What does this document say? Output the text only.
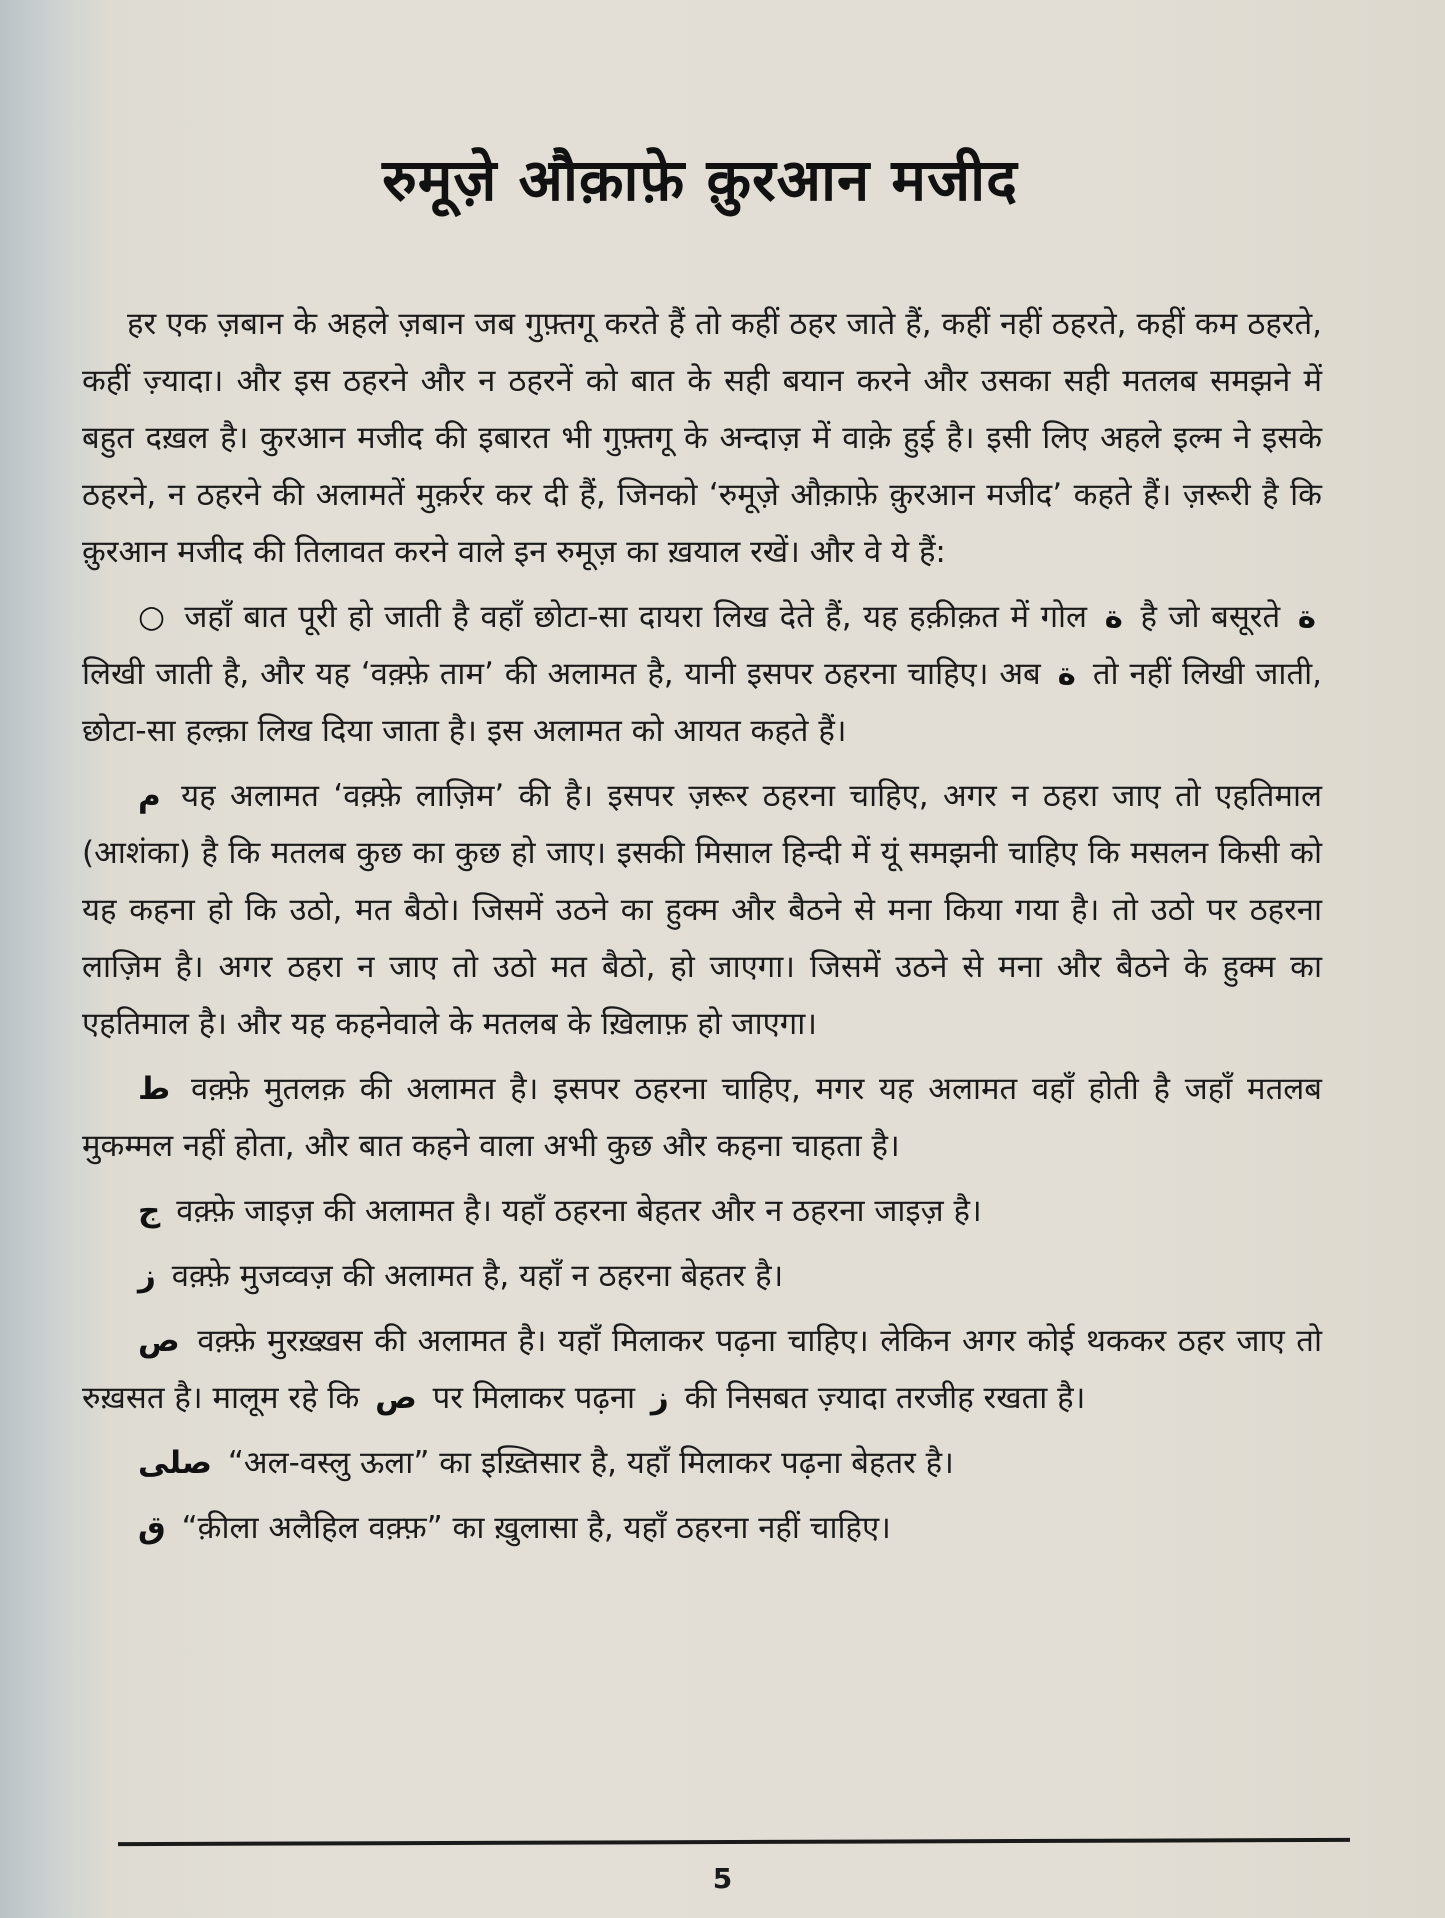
रुमूज़े औक़ाफ़े क़ुरआन मजीद

हर एक ज़बान के अहले ज़बान जब गुफ़्तगू करते हैं तो कहीं ठहर जाते हैं, कहीं नहीं ठहरते, कहीं कम ठहरते, कहीं ज़्यादा। और इस ठहरने और न ठहरनें को बात के सही बयान करने और उसका सही मतलब समझने में बहुत दख़ल है। कुरआन मजीद की इबारत भी गुफ़्तगू के अन्दाज़ में वाक़े हुई है। इसी लिए अहले इल्म ने इसके ठहरने, न ठहरने की अलामतें मुक़र्रर कर दी हैं, जिनको ‘रुमूज़े औक़ाफ़े क़ुरआन मजीद’ कहते हैं। ज़रूरी है कि क़ुरआन मजीद की तिलावत करने वाले इन रुमूज़ का ख़याल रखें। और वे ये हैं:

○ जहाँ बात पूरी हो जाती है वहाँ छोटा-सा दायरा लिख देते हैं, यह हक़ीक़त में गोल ة है जो बसूरते ة लिखी जाती है, और यह ‘वक़्फ़े ताम’ की अलामत है, यानी इसपर ठहरना चाहिए। अब ة तो नहीं लिखी जाती, छोटा-सा हल्क़ा लिख दिया जाता है। इस अलामत को आयत कहते हैं।

م यह अलामत ‘वक़्फ़े लाज़िम’ की है। इसपर ज़रूर ठहरना चाहिए, अगर न ठहरा जाए तो एहतिमाल (आशंका) है कि मतलब कुछ का कुछ हो जाए। इसकी मिसाल हिन्दी में यूं समझनी चाहिए कि मसलन किसी को यह कहना हो कि उठो, मत बैठो। जिसमें उठने का हुक्म और बैठने से मना किया गया है। तो उठो पर ठहरना लाज़िम है। अगर ठहरा न जाए तो उठो मत बैठो, हो जाएगा। जिसमें उठने से मना और बैठने के हुक्म का एहतिमाल है। और यह कहनेवाले के मतलब के ख़िलाफ़ हो जाएगा।

ط वक़्फ़े मुतलक़ की अलामत है। इसपर ठहरना चाहिए, मगर यह अलामत वहाँ होती है जहाँ मतलब मुकम्मल नहीं होता, और बात कहने वाला अभी कुछ और कहना चाहता है।

ج वक़्फ़े जाइज़ की अलामत है। यहाँ ठहरना बेहतर और न ठहरना जाइज़ है।

ز वक़्फ़े मुजव्वज़ की अलामत है, यहाँ न ठहरना बेहतर है।

ص वक़्फ़े मुरख़्ख़स की अलामत है। यहाँ मिलाकर पढ़ना चाहिए। लेकिन अगर कोई थककर ठहर जाए तो रुख़सत है। मालूम रहे कि ص पर मिलाकर पढ़ना ز की निसबत ज़्यादा तरजीह रखता है।

صلى “अल-वस्लु ऊला” का इख़्तिसार है, यहाँ मिलाकर पढ़ना बेहतर है।

ق “क़ीला अलैहिल वक़्फ़” का ख़ुलासा है, यहाँ ठहरना नहीं चाहिए।

5
